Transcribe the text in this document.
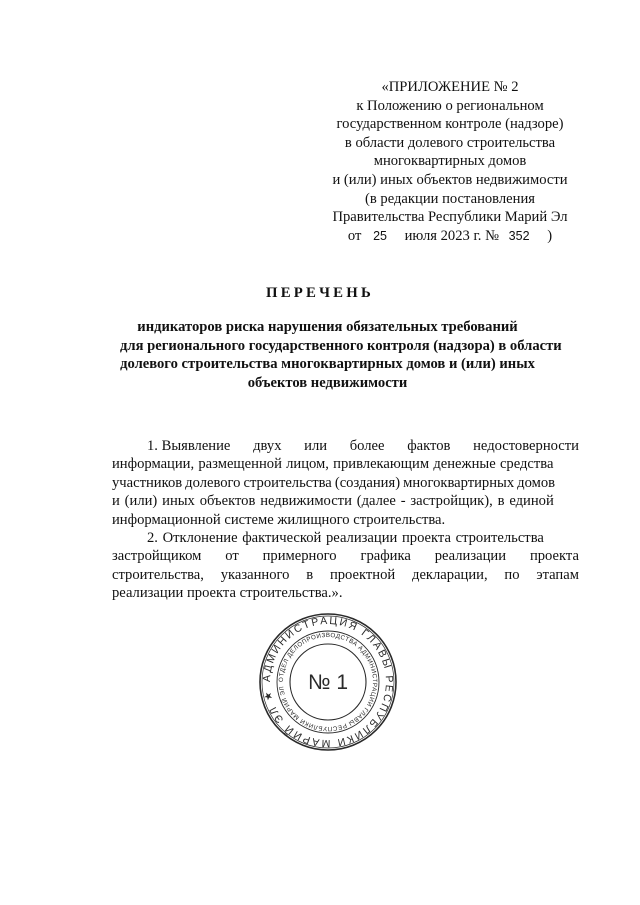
«ПРИЛОЖЕНИЕ № 2
к Положению о региональном
государственном контроле (надзоре)
в области долевого строительства
многоквартирных домов
и (или) иных объектов недвижимости
(в редакции постановления
Правительства Республики Марий Эл
от 25 июля 2023 г. № 352 )
ПЕРЕЧЕНЬ
индикаторов риска нарушения обязательных требований
для регионального государственного контроля (надзора) в области
долевого строительства многоквартирных домов и (или) иных
объектов недвижимости
1. Выявление двух или более фактов недостоверности
информации, размещенной лицом, привлекающим денежные средства
участников долевого строительства (создания) многоквартирных домов
и (или) иных объектов недвижимости (далее - застройщик), в единой
информационной системе жилищного строительства.
2. Отклонение фактической реализации проекта строительства
застройщиком от примерного графика реализации проекта
строительства, указанного в проектной декларации, по этапам
реализации проекта строительства.».
АДМИНИСТРАЦИЯ ГЛАВЫ РЕСПУБЛИКИ МАРИЙ ЭЛ ★
ОТДЕЛ ДЕЛОПРОИЗВОДСТВА АДМИНИСТРАЦИИ ГЛАВЫ РЕСПУБЛИКИ МАРИЙ ЭЛ	№ 1
